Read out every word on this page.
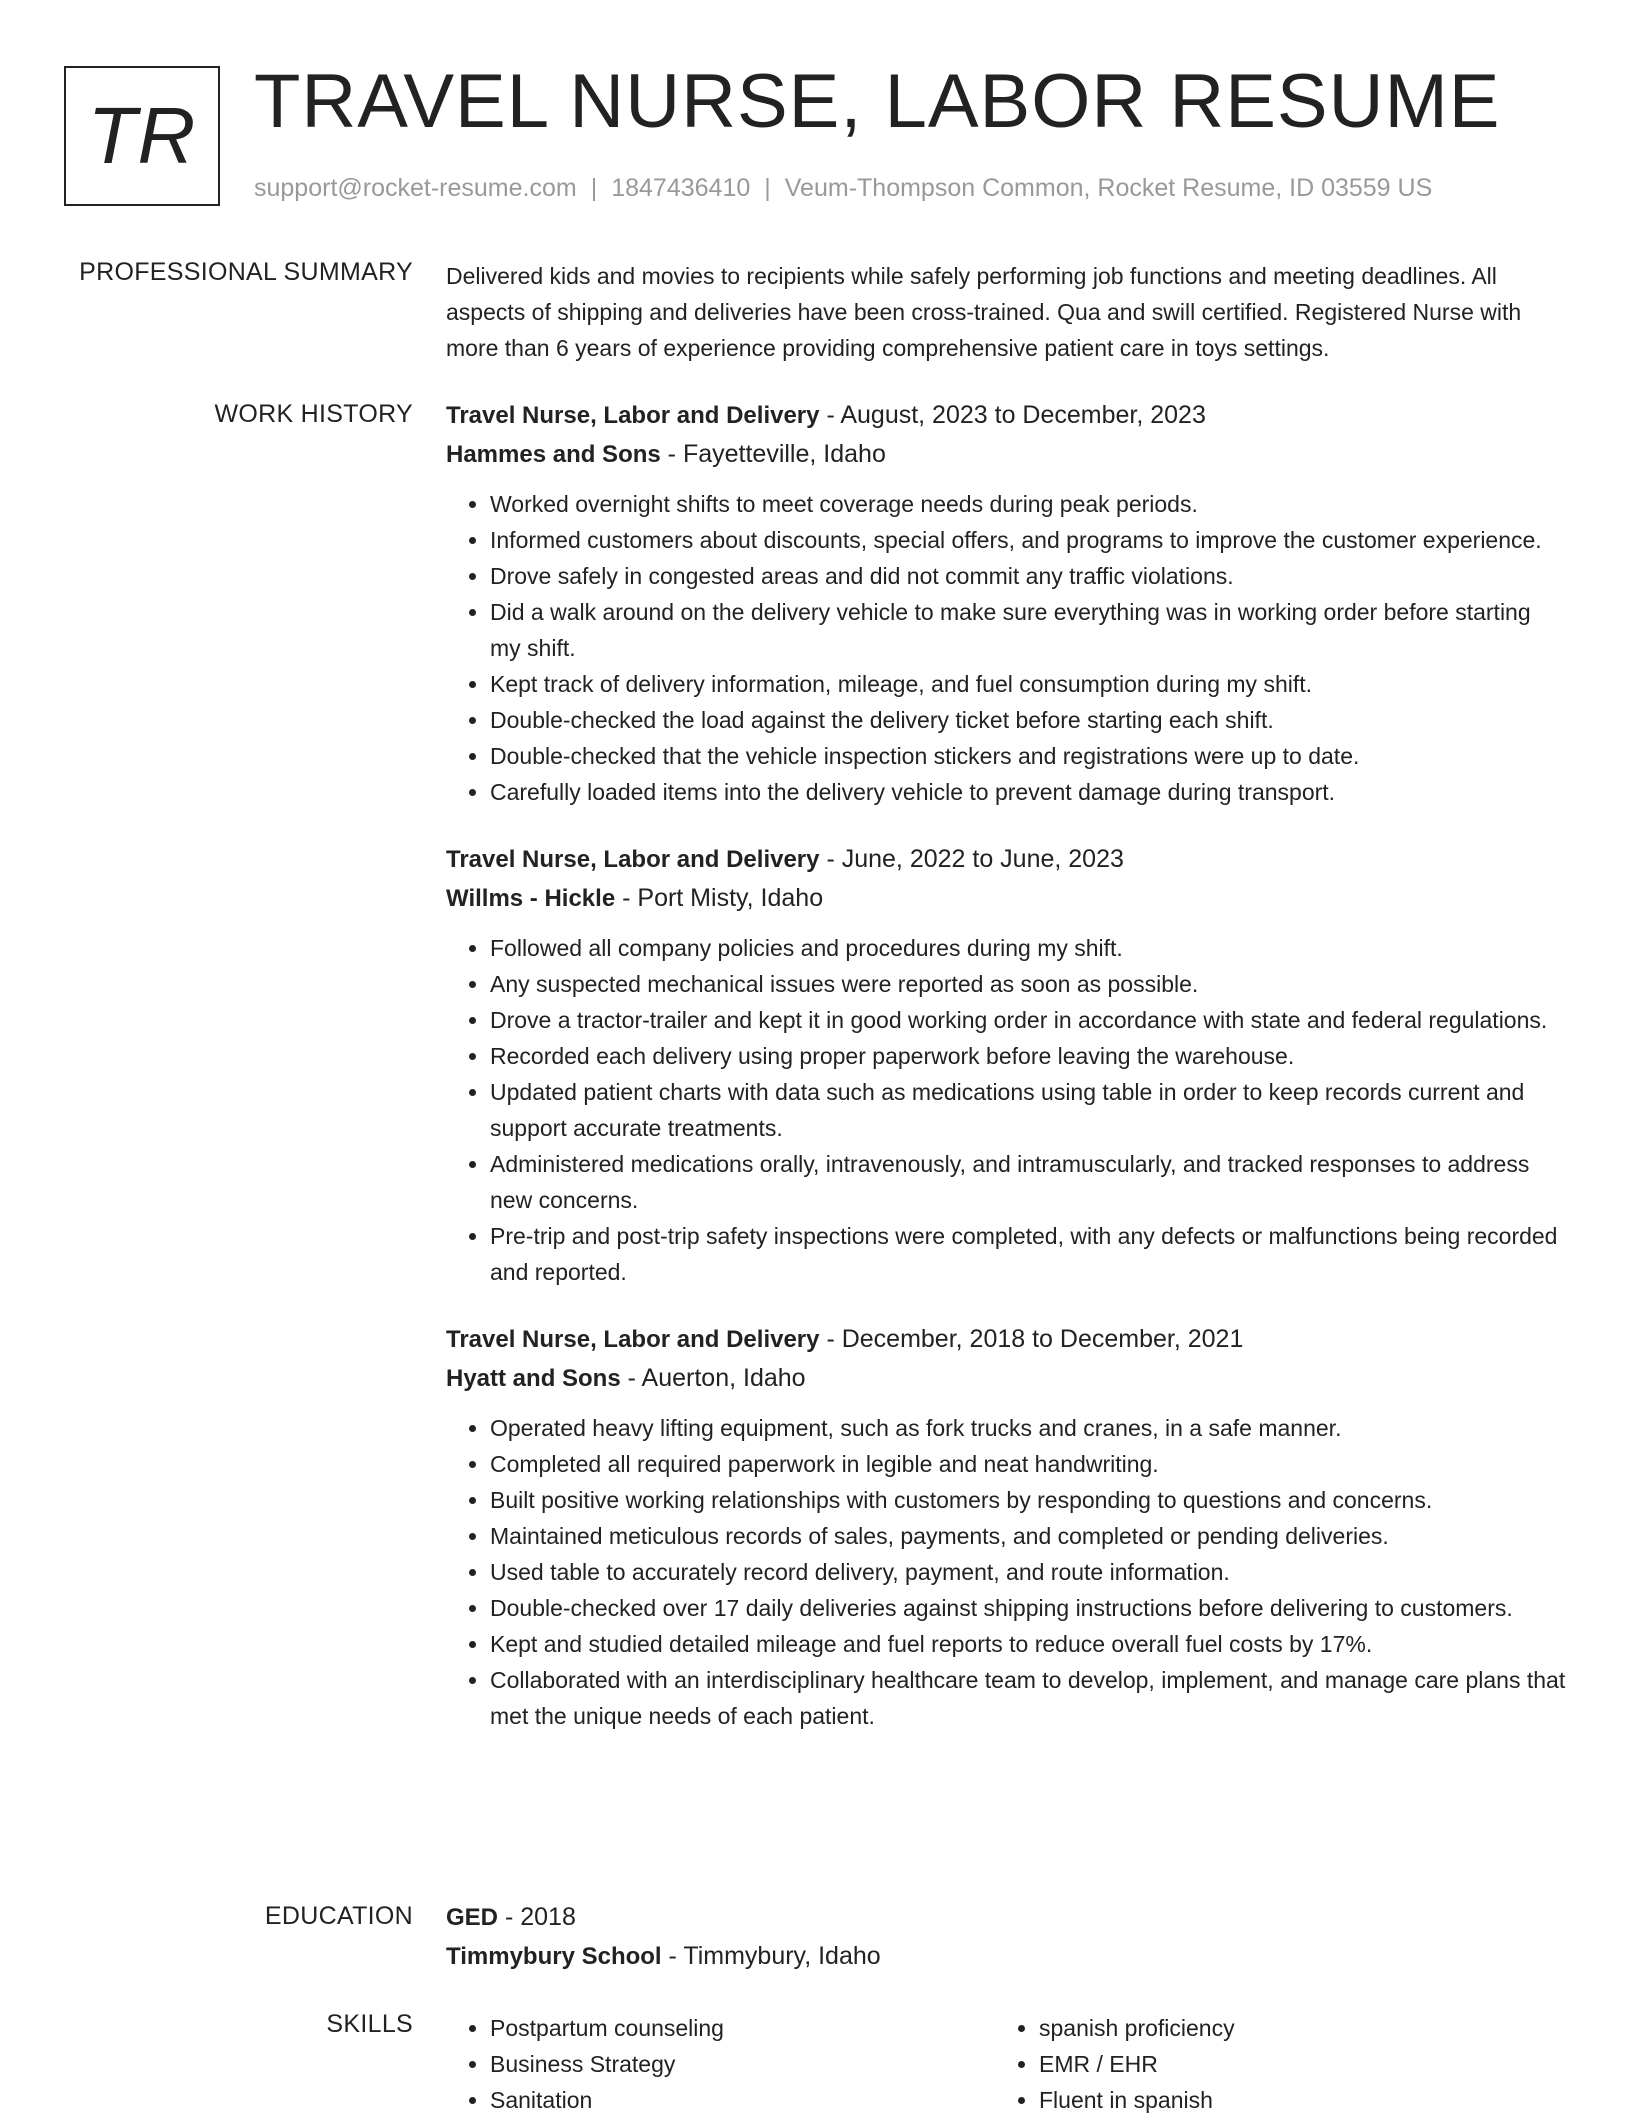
TR TRAVEL NURSE, LABOR RESUME
support@rocket-resume.com | 1847436410 | Veum-Thompson Common, Rocket Resume, ID 03559 US
PROFESSIONAL SUMMARY Delivered kids and movies to recipients while safely performing job functions and meeting deadlines. All aspects of shipping and deliveries have been cross-trained. Qua and swill certified. Registered Nurse with more than 6 years of experience providing comprehensive patient care in toys settings.

WORK HISTORY Travel Nurse, Labor and Delivery - August, 2023 to December, 2023
Hammes and Sons - Fayetteville, Idaho
• Worked overnight shifts to meet coverage needs during peak periods.
• Informed customers about discounts, special offers, and programs to improve the customer experience.
• Drove safely in congested areas and did not commit any traffic violations.
• Did a walk around on the delivery vehicle to make sure everything was in working order before starting my shift.
• Kept track of delivery information, mileage, and fuel consumption during my shift.
• Double-checked the load against the delivery ticket before starting each shift.
• Double-checked that the vehicle inspection stickers and registrations were up to date.
• Carefully loaded items into the delivery vehicle to prevent damage during transport.
Travel Nurse, Labor and Delivery - June, 2022 to June, 2023
Willms - Hickle - Port Misty, Idaho
• Followed all company policies and procedures during my shift.
• Any suspected mechanical issues were reported as soon as possible.
• Drove a tractor-trailer and kept it in good working order in accordance with state and federal regulations.
• Recorded each delivery using proper paperwork before leaving the warehouse.
• Updated patient charts with data such as medications using table in order to keep records current and support accurate treatments.
• Administered medications orally, intravenously, and intramuscularly, and tracked responses to address new concerns.
• Pre-trip and post-trip safety inspections were completed, with any defects or malfunctions being recorded and reported.
Travel Nurse, Labor and Delivery - December, 2018 to December, 2021
Hyatt and Sons - Auerton, Idaho
• Operated heavy lifting equipment, such as fork trucks and cranes, in a safe manner.
• Completed all required paperwork in legible and neat handwriting.
• Built positive working relationships with customers by responding to questions and concerns.
• Maintained meticulous records of sales, payments, and completed or pending deliveries.
• Used table to accurately record delivery, payment, and route information.
• Double-checked over 17 daily deliveries against shipping instructions before delivering to customers.
• Kept and studied detailed mileage and fuel reports to reduce overall fuel costs by 17%.
• Collaborated with an interdisciplinary healthcare team to develop, implement, and manage care plans that met the unique needs of each patient.
EDUCATION GED - 2018
Timmybury School - Timmybury, Idaho
SKILLS
•	Postpartum counseling
• Business Strategy
• Sanitation
• spanish proficiency
• EMR / EHR
• Fluent in spanish
